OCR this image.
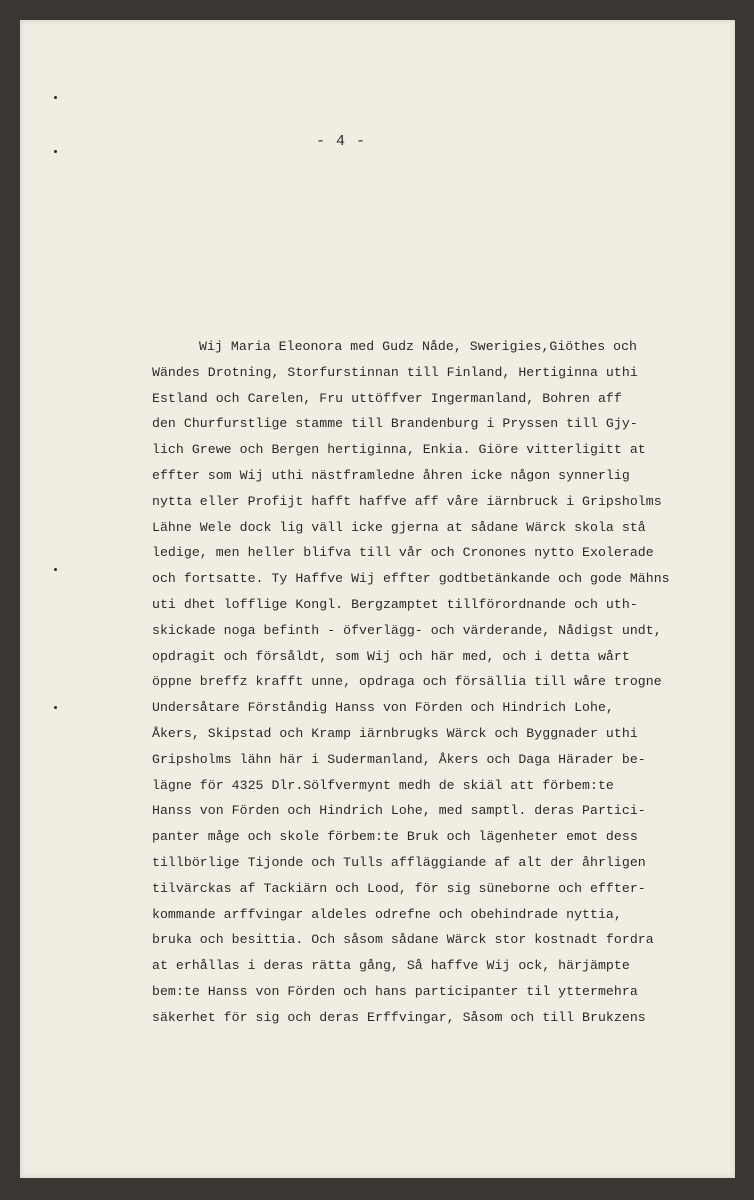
- 4 -
Wij Maria Eleonora med Gudz Nåde, Swerigies,Giöthes och
Wändes Drotning, Storfurstinnan till Finland, Hertiginna uthi
Estland och Carelen, Fru uttöffver Ingermanland, Bohren aff
den Churfurstlige stamme till Brandenburg i Pryssen till Gjy-
lich Grewe och Bergen hertiginna, Enkia. Giöre vitterligitt at
effter som Wij uthi nästframledne åhren icke någon synnerlig
nytta eller Profijt hafft haffve aff våre iärnbruck i Gripsholms
Lähne Wele dock lig väll icke gjerna at sådane Wärck skola stå
ledige, men heller blifva till vår och Cronones nytto Exolerade
och fortsatte. Ty Haffve Wij effter godtbetänkande och gode Mähns
uti dhet lofflige Kongl. Bergzamptet tillförordnande och uth-
skickade noga befinth - öfverlägg- och värderande, Nådigst undt,
opdragit och försåldt, som Wij och här med, och i detta wårt
öppne breffz krafft unne, opdraga och försällia till wåre trogne
Undersåtare Förståndig Hanss von Förden och Hindrich Lohe,
Åkers, Skipstad och Kramp iärnbrugks Wärck och Byggnader uthi
Gripsholms lähn här i Sudermanland, Åkers och Daga Härader be-
lägne för 4325 Dlr.Sölfvermynt medh de skiäl att förbem:te
Hanss von Förden och Hindrich Lohe, med samptl. deras Partici-
panter måge och skole förbem:te Bruk och lägenheter emot dess
tillbörlige Tijonde och Tulls affläggiande af alt der åhrligen
tilvärckas af Tackiärn och Lood, för sig süneborne och effter-
kommande arffvingar aldeles odrefne och obehindrade nyttia,
bruka och besittia. Och såsom sådane Wärck stor kostnadt fordra
at erhållas i deras rätta gång, Så haffve Wij ock, härjämpte
bem:te Hanss von Förden och hans participanter til yttermehra
säkerhet för sig och deras Erffvingar, Såsom och till Brukzens
